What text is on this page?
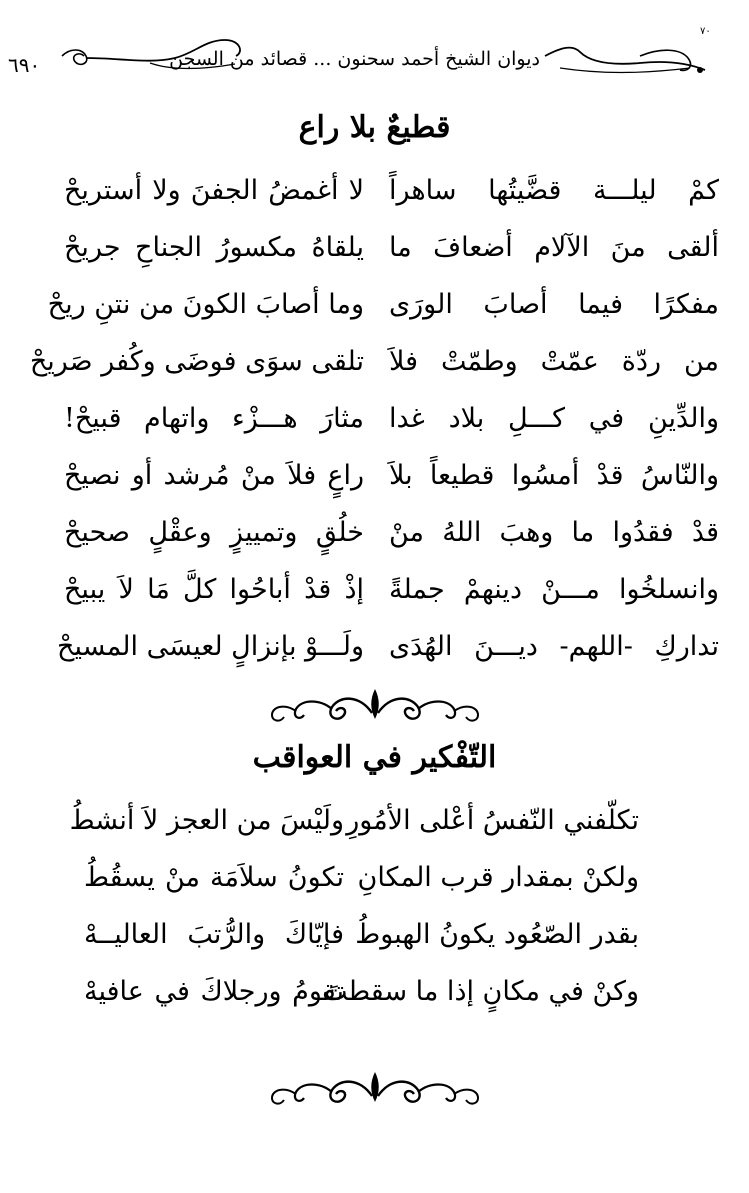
٦٩٠	ديوان الشيخ أحمد سحنون ... قصائد من السجن
٧٠
قطيعٌ بلا راع
كمْ ليلـــة قضَّيتُها ساهراً
لا أغمضُ الجفنَ ولا أستريحْ
ألقى منَ الآلام أضعافَ ما
يلقاهُ مكسورُ الجناحِ جريحْ
مفكرًا فيما أصابَ الورَى
وما أصابَ الكونَ من نتنِ ريحْ
من ردّة عمّتْ وطمّتْ فلاَ
تلقى سوَى فوضَى وكُفر صَريحْ
والدِّينِ في كـــلِ بلاد غدا
مثارَ هـــزْء واتهام قبيحْ!
والنّاسُ قدْ أمسُوا قطيعاً بلاَ
راعٍ فلاَ منْ مُرشد أو نصيحْ
قدْ فقدُوا ما وهبَ اللهُ منْ
خلُقٍ وتمييزٍ وعقْلٍ صحيحْ
وانسلخُوا مـــنْ دينهمْ جملةً
إذْ قدْ أباحُوا كلَّ مَا لاَ يبيحْ
تداركِ -اللهم- ديـــنَ الهُدَى
ولَـــوْ بإنزالٍ لعيسَى المسيحْ
التّفْكير في العواقب
تكلّفني النّفسُ أعْلى الأمُورِ
ولَيْسَ من العجز لاَ أنشطُ
ولكنْ بمقدار قرب المكانِ
تكونُ سلاَمَة منْ يسقُطُ
بقدر الصّعُود يكونُ الهبوطُ
فإيّاكَ والرُّتبَ العاليــهْ
وكنْ في مكانٍ إذا ما سقطتَ
تقومُ ورجلاكَ في عافيهْ
